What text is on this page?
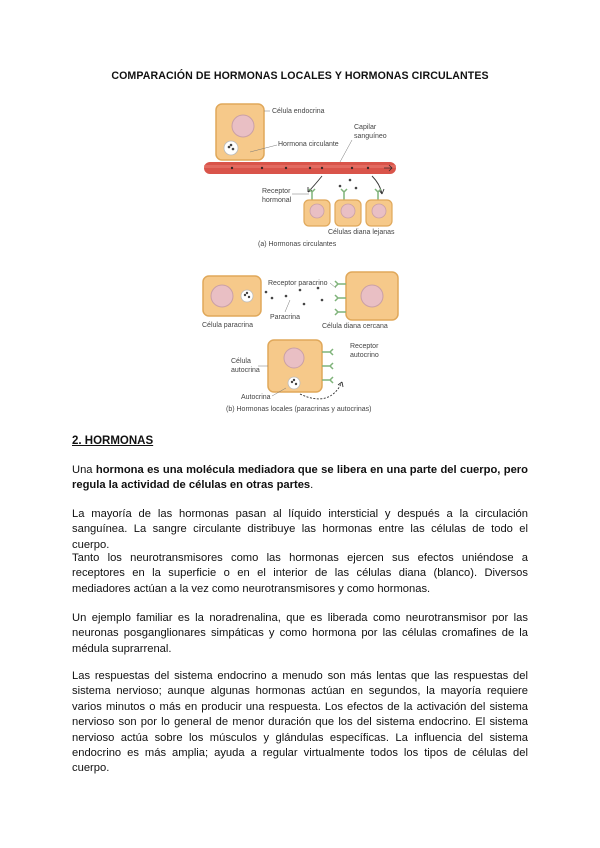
COMPARACIÓN DE HORMONAS LOCALES Y HORMONAS CIRCULANTES
Célula endocrina
Hormona circulante
Capilar
sanguíneo
Receptor
hormonal
Células diana lejanas
(a) Hormonas circulantes
Célula paracrina
Receptor paracrino
Paracrina
Célula diana cercana
Receptor
autocrino
Célula
autocrina
Autocrina
(b) Hormonas locales (paracrinas y autocrinas)
2. HORMONAS

Una hormona es una molécula mediadora que se libera en una parte del cuerpo, pero regula la actividad de células en otras partes.

La mayoría de las hormonas pasan al líquido intersticial y después a la circulación sanguínea. La sangre circulante distribuye las hormonas entre las células de todo el cuerpo.

Tanto los neurotransmisores como las hormonas ejercen sus efectos uniéndose a receptores en la superficie o en el interior de las células diana (blanco). Diversos mediadores actúan a la vez como neurotransmisores y como hormonas.

Un ejemplo familiar es la noradrenalina, que es liberada como neurotransmisor por las neuronas posganglionares simpáticas y como hormona por las células cromafines de la médula suprarrenal.

Las respuestas del sistema endocrino a menudo son más lentas que las respuestas del sistema nervioso; aunque algunas hormonas actúan en segundos, la mayoría requiere varios minutos o más en producir una respuesta. Los efectos de la activación del sistema nervioso son por lo general de menor duración que los del sistema endocrino. El sistema nervioso actúa sobre los músculos y glándulas específicas. La influencia del sistema endocrino es más amplia; ayuda a regular virtualmente todos los tipos de células del cuerpo.
